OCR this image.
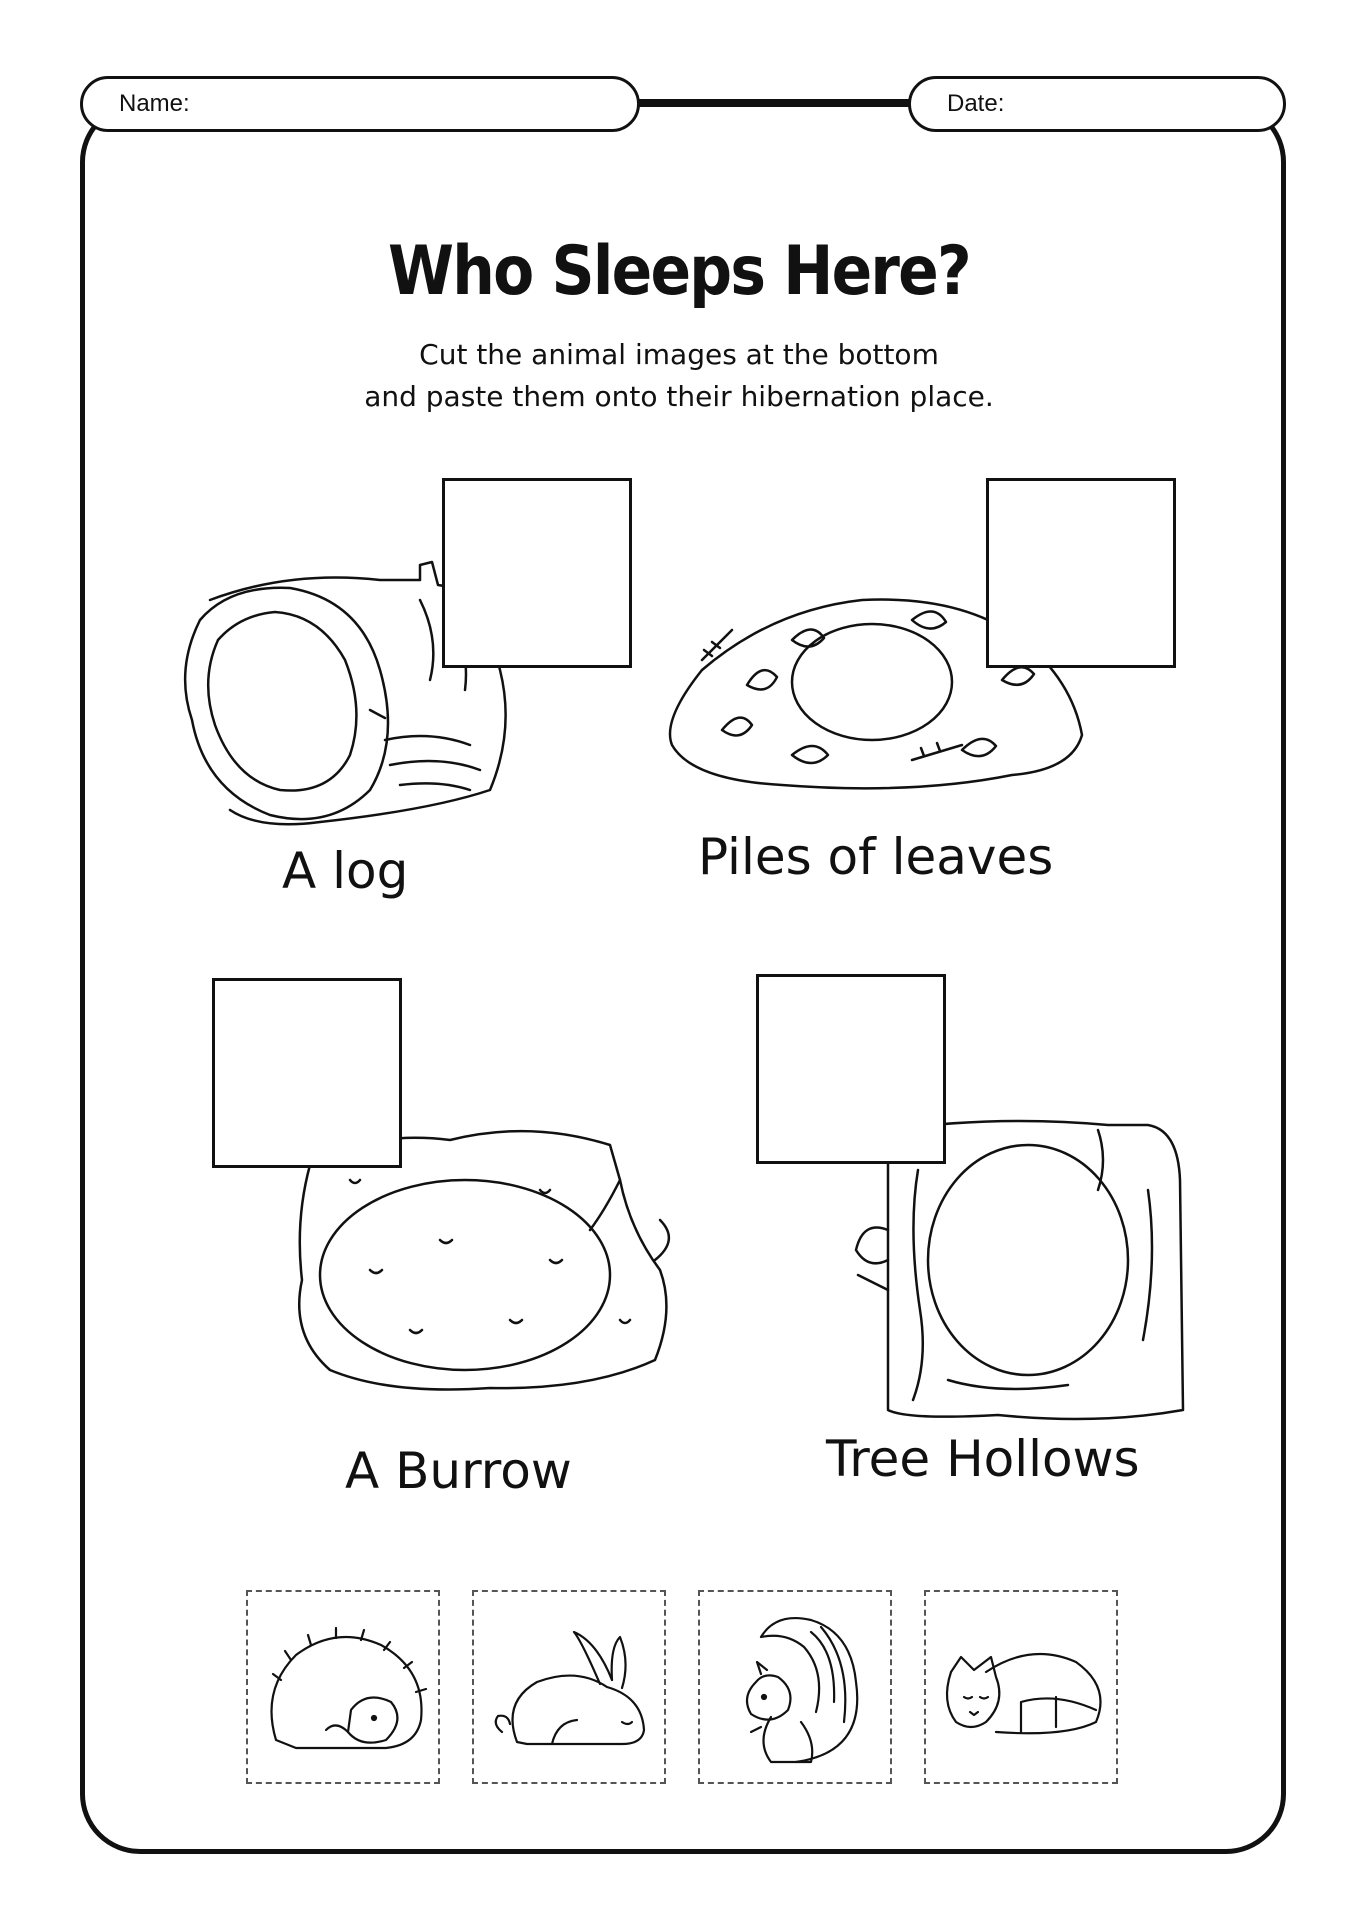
Name:	Date:
Who Sleeps Here?
Cut the animal images at the bottom
and paste them onto their hibernation place.
A log	Piles of leaves
A Burrow	Tree Hollows
